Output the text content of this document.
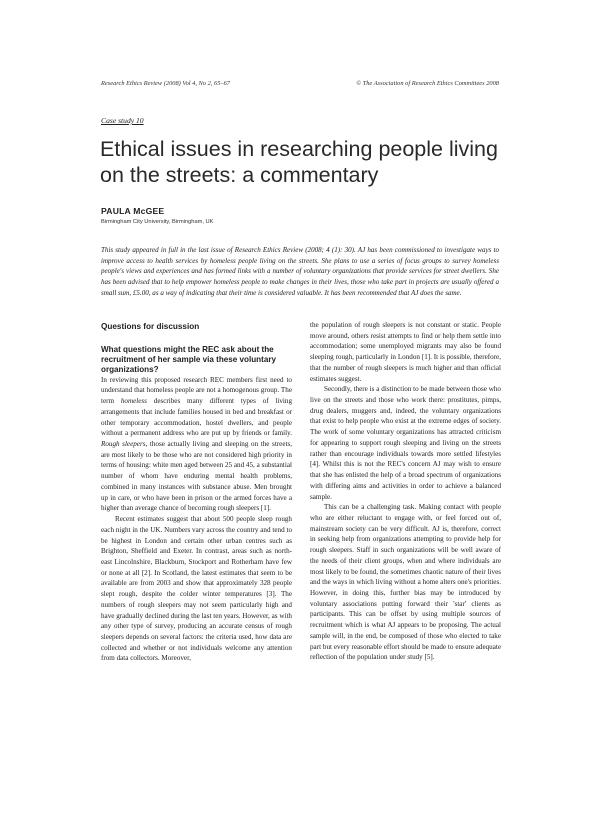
Research Ethics Review (2008) Vol 4, No 2, 65–67	© The Association of Research Ethics Committees 2008
Case study 10
Ethical issues in researching people living on the streets: a commentary
PAULA McGEE
Birmingham City University, Birmingham, UK

This study appeared in full in the last issue of Research Ethics Review (2008; 4 (1): 30). AJ has been commissioned to investigate ways to improve access to health services by homeless people living on the streets. She plans to use a series of focus groups to survey homeless people's views and experiences and has formed links with a number of voluntary organizations that provide services for street dwellers. She has been advised that to help empower homeless people to make changes in their lives, those who take part in projects are usually offered a small sum, £5.00, as a way of indicating that their time is considered valuable. It has been recommended that AJ does the same.

Questions for discussion
What questions might the REC ask about the recruitment of her sample via these voluntary organizations?

In reviewing this proposed research REC members first need to understand that homeless people are not a homogenous group. The term homeless describes many different types of living arrangements that include families housed in bed and breakfast or other temporary accommodation, hostel dwellers, and people without a permanent address who are put up by friends or family. Rough sleepers, those actually living and sleeping on the streets, are most likely to be those who are not considered high priority in terms of housing: white men aged between 25 and 45, a substantial number of whom have enduring mental health problems, combined in many instances with substance abuse. Men brought up in care, or who have been in prison or the armed forces have a higher than average chance of becoming rough sleepers [1].

Recent estimates suggest that about 500 people sleep rough each night in the UK. Numbers vary across the country and tend to be highest in London and certain other urban centres such as Brighton, Sheffield and Exeter. In contrast, areas such as north-east Lincolnshire, Blackburn, Stockport and Rotherham have few or none at all [2]. In Scotland, the latest estimates that seem to be available are from 2003 and show that approximately 328 people slept rough, despite the colder winter temperatures [3]. The numbers of rough sleepers may not seem particularly high and have gradually declined during the last ten years. However, as with any other type of survey, producing an accurate census of rough sleepers depends on several factors: the criteria used, how data are collected and whether or not individuals welcome any attention from data collectors. Moreover,

the population of rough sleepers is not constant or static. People move around, others resist attempts to find or help them settle into accommodation; some unemployed migrants may also be found sleeping rough, particularly in London [1]. It is possible, therefore, that the number of rough sleepers is much higher and than official estimates suggest.

Secondly, there is a distinction to be made between those who live on the streets and those who work there: prostitutes, pimps, drug dealers, muggers and, indeed, the voluntary organizations that exist to help people who exist at the extreme edges of society. The work of some voluntary organizations has attracted criticism for appearing to support rough sleeping and living on the streets rather than encourage individuals towards more settled lifestyles [4]. Whilst this is not the REC's concern AJ may wish to ensure that she has enlisted the help of a broad spectrum of organizations with differing aims and activities in order to achieve a balanced sample.

This can be a challenging task. Making contact with people who are either reluctant to engage with, or feel forced out of, mainstream society can be very difficult. AJ is, therefore, correct in seeking help from organizations attempting to provide help for rough sleepers. Staff in such organizations will be well aware of the needs of their client groups, when and where individuals are most likely to be found, the sometimes chaotic nature of their lives and the ways in which living without a home alters one's priorities. However, in doing this, further bias may be introduced by voluntary associations putting forward their 'star' clients as participants. This can be offset by using multiple sources of recruitment which is what AJ appears to be proposing. The actual sample will, in the end, be composed of those who elected to take part but every reasonable effort should be made to ensure adequate reflection of the population under study [5].
